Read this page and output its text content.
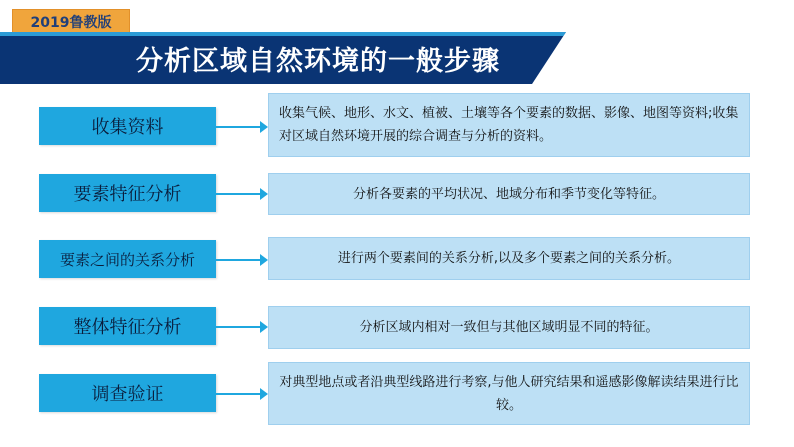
2019鲁教版
分析区域自然环境的一般步骤
收集资料
收集气候、地形、水文、植被、土壤等各个要素的数据、影像、地图等资料;收集对区域自然环境开展的综合调查与分析的资料。
要素特征分析	分析各要素的平均状况、地域分布和季节变化等特征。
要素之间的关系分析	进行两个要素间的关系分析,以及多个要素之间的关系分析。
整体特征分析	分析区域内相对一致但与其他区域明显不同的特征。
调查验证
对典型地点或者沿典型线路进行考察,与他人研究结果和遥感影像解读结果进行比较。
